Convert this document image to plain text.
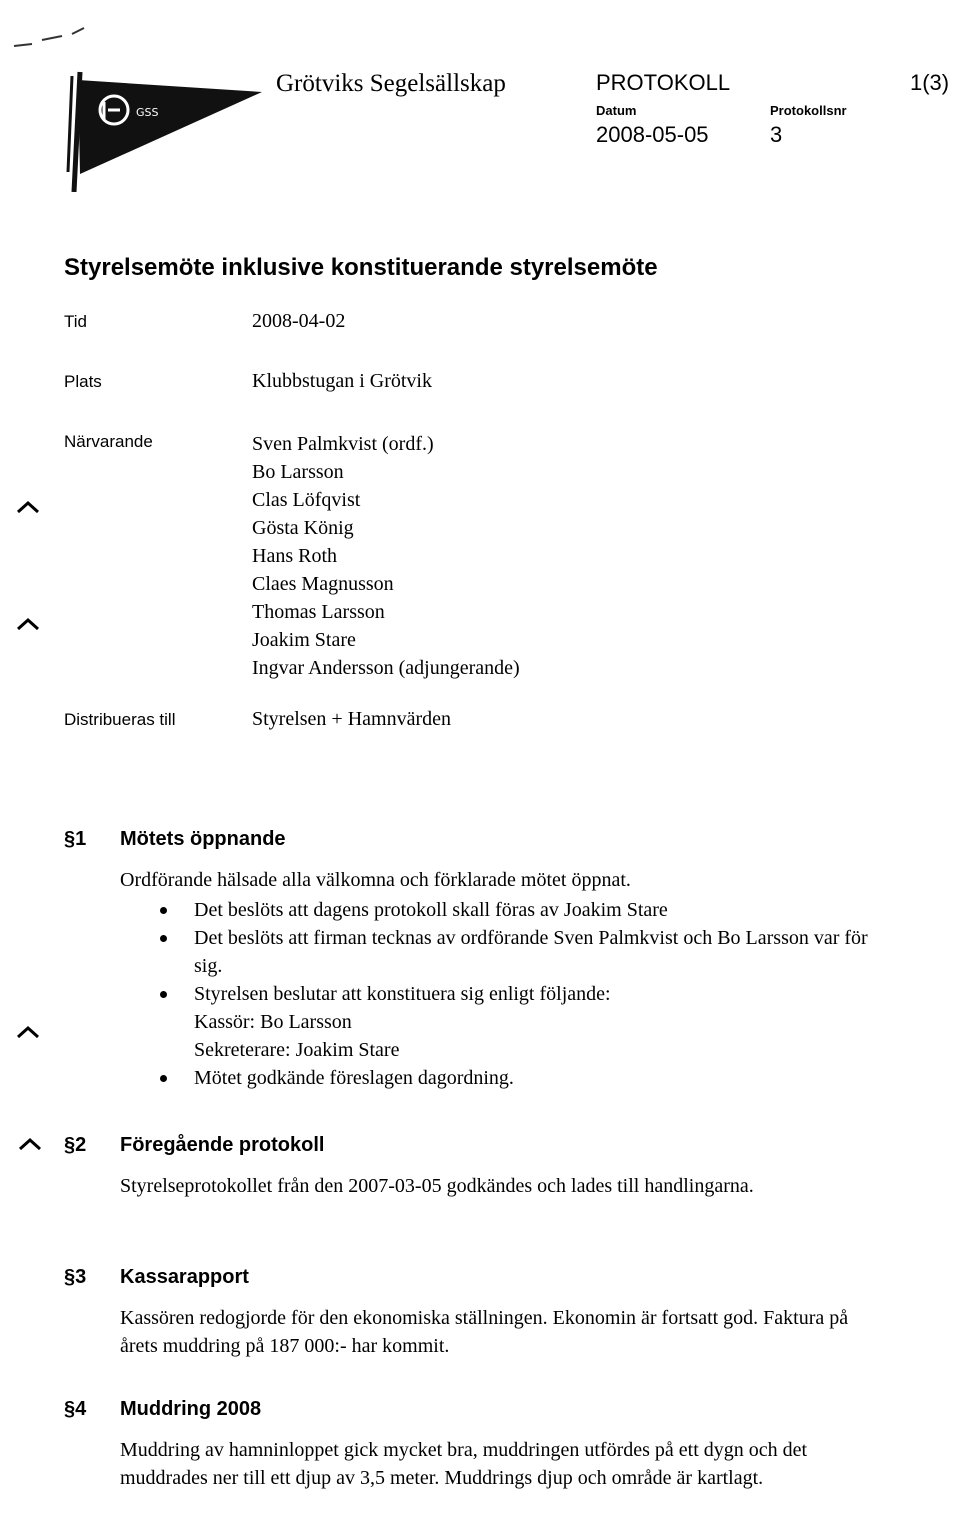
GSS
Grötviks Segelsällskap	PROTOKOLL	1(3)
Datum	Protokollsnr
2008-05-05	3
Styrelsemöte inklusive konstituerande styrelsemöte
Tid	2008-04-02
Plats	Klubbstugan i Grötvik
Närvarande	Sven Palmkvist (ordf.)
Bo Larsson
Clas Löfqvist
Gösta König
Hans Roth
Claes Magnusson
Thomas Larsson
Joakim Stare
Ingvar Andersson (adjungerande)
Distribueras till	Styrelsen + Hamnvärden
§1 Mötets öppnande

Ordförande hälsade alla välkomna och förklarade mötet öppnat.

Det beslöts att dagens protokoll skall föras av Joakim Stare
Det beslöts att firman tecknas av ordförande Sven Palmkvist och Bo Larsson var för sig.
Styrelsen beslutar att konstituera sig enligt följande:
Kassör: Bo Larsson
Sekreterare: Joakim Stare
Mötet godkände föreslagen dagordning.
§2 Föregående protokoll

Styrelseprotokollet från den 2007-03-05 godkändes och lades till handlingarna.

§3 Kassarapport

Kassören redogjorde för den ekonomiska ställningen. Ekonomin är fortsatt god. Faktura på årets muddring på 187 000:- har kommit.

§4 Muddring 2008

Muddring av hamninloppet gick mycket bra, muddringen utfördes på ett dygn och det muddrades ner till ett djup av 3,5 meter. Muddrings djup och område är kartlagt.
